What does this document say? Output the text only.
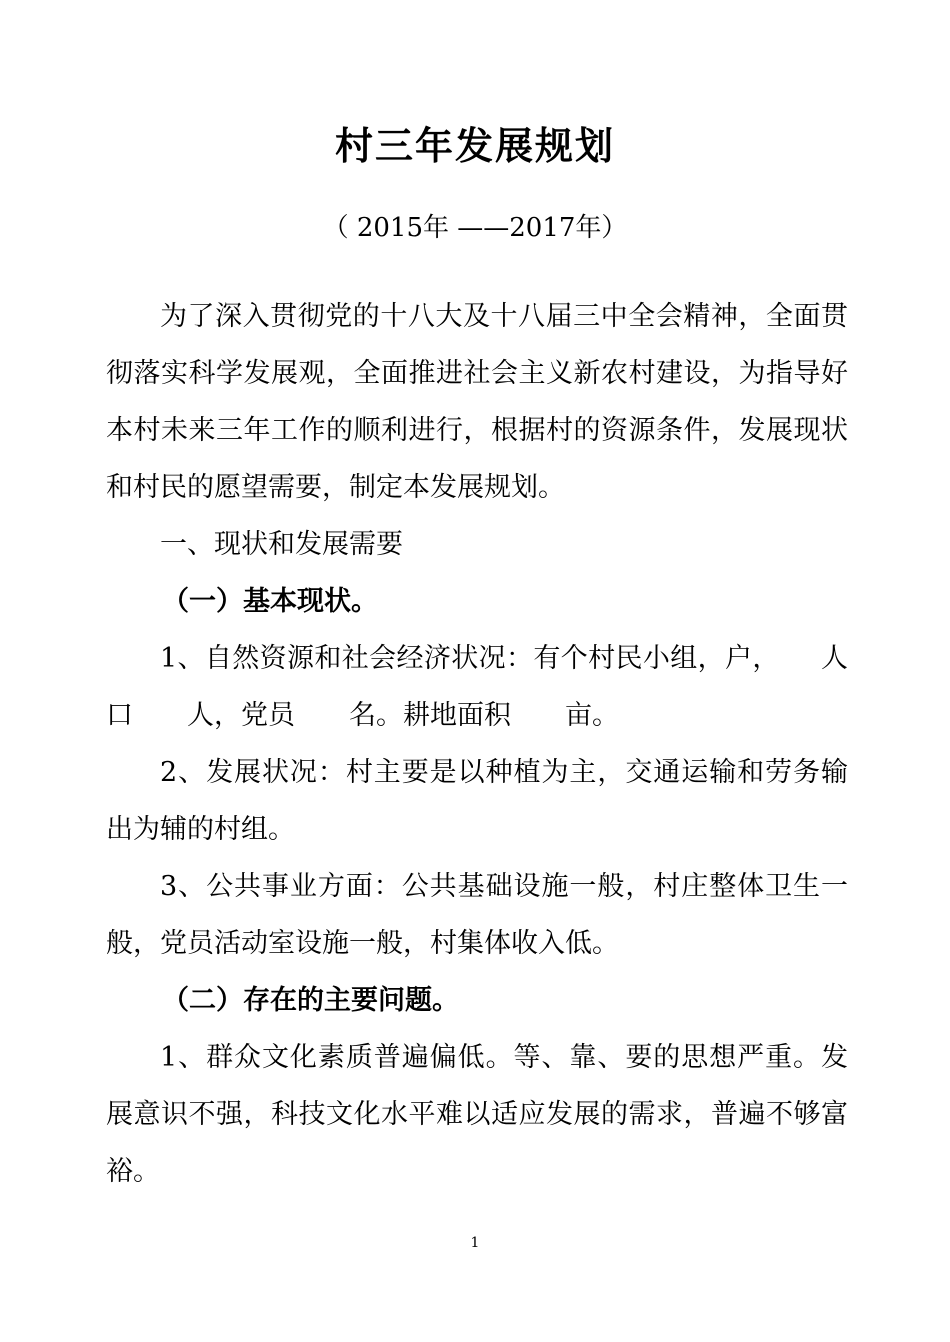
村三年发展规划
（ 2015年 ——2017年）

为了深入贯彻党的十八大及十八届三中全会精神，全面贯彻落实科学发展观，全面推进社会主义新农村建设，为指导好本村未来三年工作的顺利进行，根据村的资源条件，发展现状和村民的愿望需要，制定本发展规划。

一、现状和发展需要

（一）基本现状。

1、自然资源和社会经济状况：有个村民小组，户，　　人口　　人，党员　　名。耕地面积　　亩。

2、发展状况：村主要是以种植为主，交通运输和劳务输出为辅的村组。

3、公共事业方面：公共基础设施一般，村庄整体卫生一般，党员活动室设施一般，村集体收入低。

（二）存在的主要问题。

1、群众文化素质普遍偏低。等、靠、要的思想严重。发展意识不强，科技文化水平难以适应发展的需求，普遍不够富裕。

1
